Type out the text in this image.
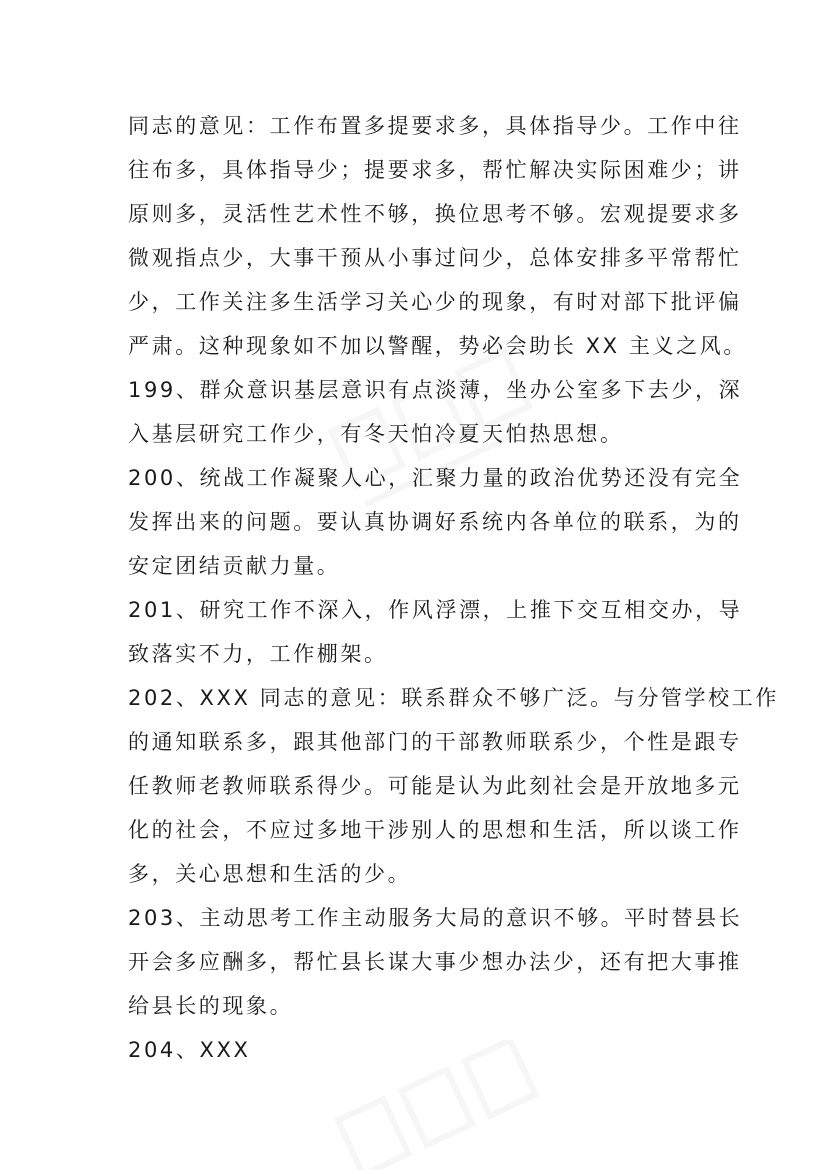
同志的意见：工作布置多提要求多，具体指导少。工作中往
往布多，具体指导少；提要求多，帮忙解决实际困难少；讲
原则多，灵活性艺术性不够，换位思考不够。宏观提要求多
微观指点少，大事干预从小事过问少，总体安排多平常帮忙
少，工作关注多生活学习关心少的现象，有时对部下批评偏
严肃。这种现象如不加以警醒，势必会助长 XX 主义之风。
199、群众意识基层意识有点淡薄，坐办公室多下去少，深
入基层研究工作少，有冬天怕冷夏天怕热思想。
200、统战工作凝聚人心，汇聚力量的政治优势还没有完全
发挥出来的问题。要认真协调好系统内各单位的联系，为的
安定团结贡献力量。
201、研究工作不深入，作风浮漂，上推下交互相交办，导
致落实不力，工作棚架。
202、XXX 同志的意见：联系群众不够广泛。与分管学校工作
的通知联系多，跟其他部门的干部教师联系少，个性是跟专
任教师老教师联系得少。可能是认为此刻社会是开放地多元
化的社会，不应过多地干涉别人的思想和生活，所以谈工作
多，关心思想和生活的少。
203、主动思考工作主动服务大局的意识不够。平时替县长
开会多应酬多，帮忙县长谋大事少想办法少，还有把大事推
给县长的现象。
204、XXX
